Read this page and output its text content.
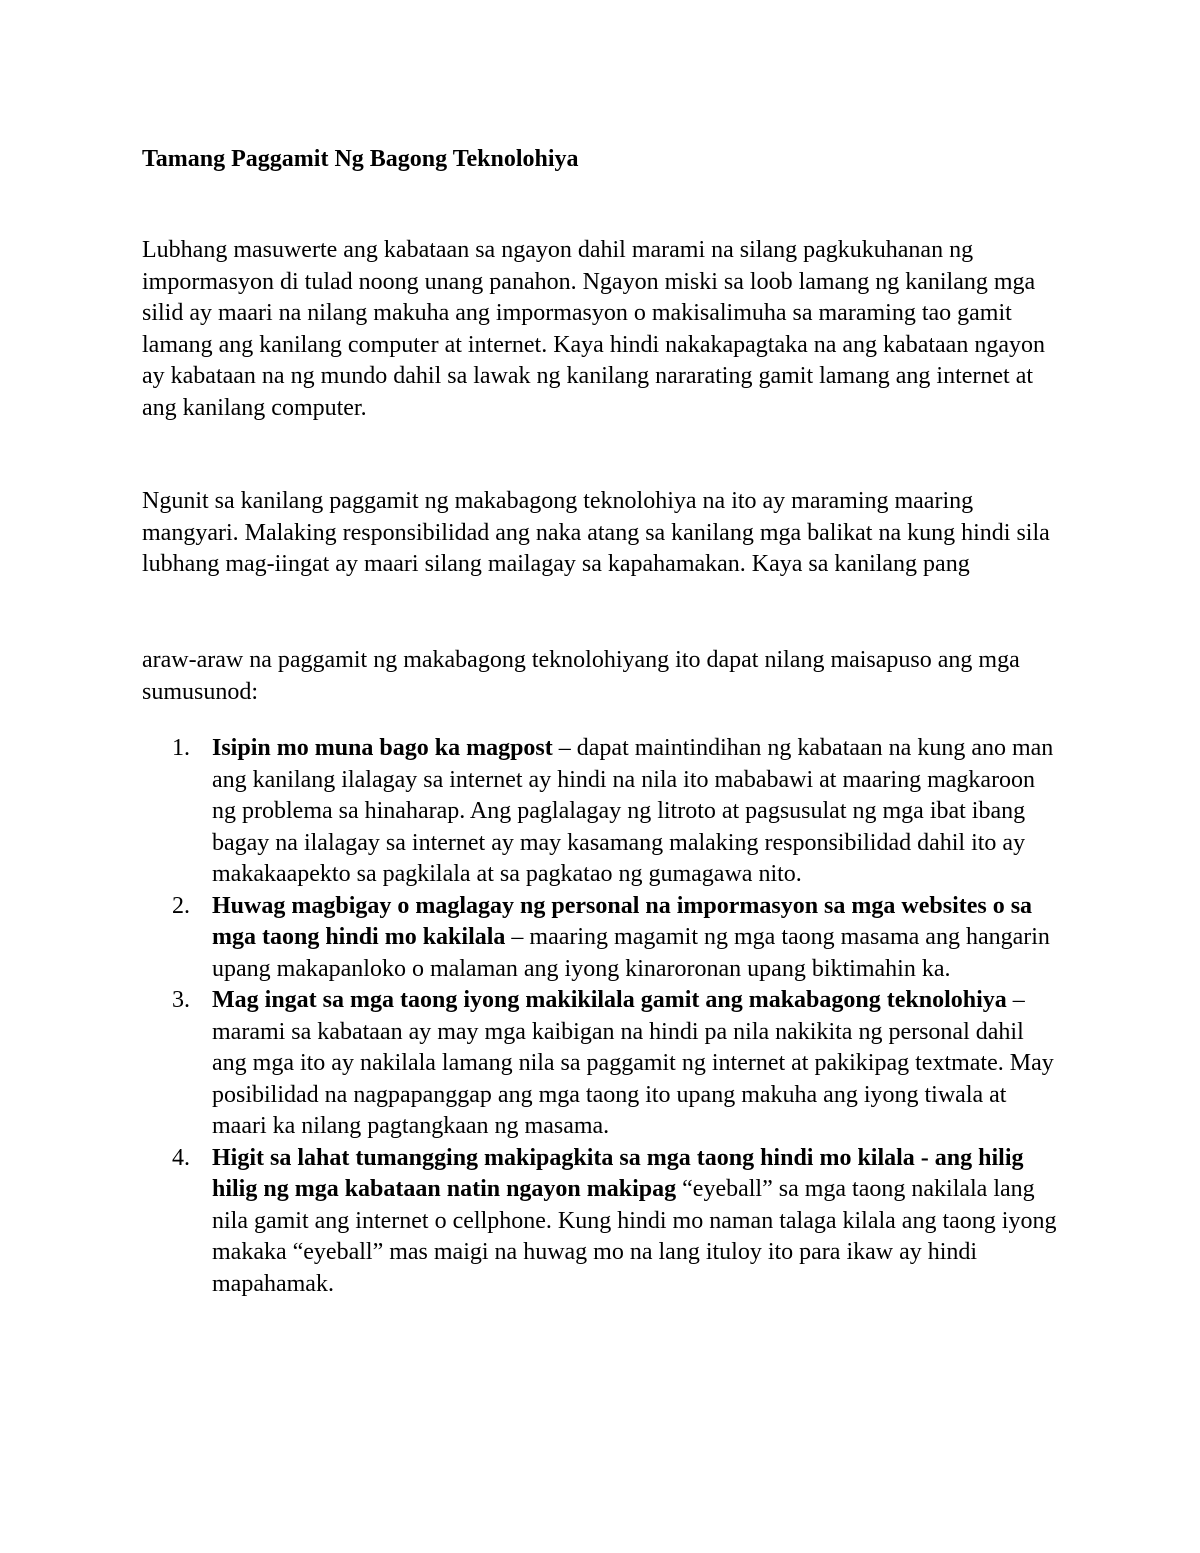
Tamang Paggamit Ng Bagong Teknolohiya

Lubhang masuwerte ang kabataan sa ngayon dahil marami na silang pagkukuhanan ng impormasyon di tulad noong unang panahon. Ngayon miski sa loob lamang ng kanilang mga silid ay maari na nilang makuha ang impormasyon o makisalimuha sa maraming tao gamit lamang ang kanilang computer at internet. Kaya hindi nakakapagtaka na ang kabataan ngayon ay kabataan na ng mundo dahil sa lawak ng kanilang nararating gamit lamang ang internet at ang kanilang computer.

Ngunit sa kanilang paggamit ng makabagong teknolohiya na ito ay maraming maaring mangyari. Malaking responsibilidad ang naka atang sa kanilang mga balikat na kung hindi sila lubhang mag-iingat ay maari silang mailagay sa kapahamakan. Kaya sa kanilang pang

araw-araw na paggamit ng makabagong teknolohiyang ito dapat nilang maisapuso ang mga sumusunod:

1. Isipin mo muna bago ka magpost – dapat maintindihan ng kabataan na kung ano man ang kanilang ilalagay sa internet ay hindi na nila ito mababawi at maaring magkaroon ng problema sa hinaharap. Ang paglalagay ng litroto at pagsusulat ng mga ibat ibang bagay na ilalagay sa internet ay may kasamang malaking responsibilidad dahil ito ay makakaapekto sa pagkilala at sa pagkatao ng gumagawa nito.
2. Huwag magbigay o maglagay ng personal na impormasyon sa mga websites o sa mga taong hindi mo kakilala – maaring magamit ng mga taong masama ang hangarin upang makapanloko o malaman ang iyong kinaroronan upang biktimahin ka.
3. Mag ingat sa mga taong iyong makikilala gamit ang makabagong teknolohiya – marami sa kabataan ay may mga kaibigan na hindi pa nila nakikita ng personal dahil ang mga ito ay nakilala lamang nila sa paggamit ng internet at pakikipag textmate. May posibilidad na nagpapanggap ang mga taong ito upang makuha ang iyong tiwala at maari ka nilang pagtangkaan ng masama.
4. Higit sa lahat tumangging makipagkita sa mga taong hindi mo kilala - ang hilig hilig ng mga kabataan natin ngayon makipag “eyeball” sa mga taong nakilala lang nila gamit ang internet o cellphone. Kung hindi mo naman talaga kilala ang taong iyong makaka “eyeball” mas maigi na huwag mo na lang ituloy ito para ikaw ay hindi mapahamak.
